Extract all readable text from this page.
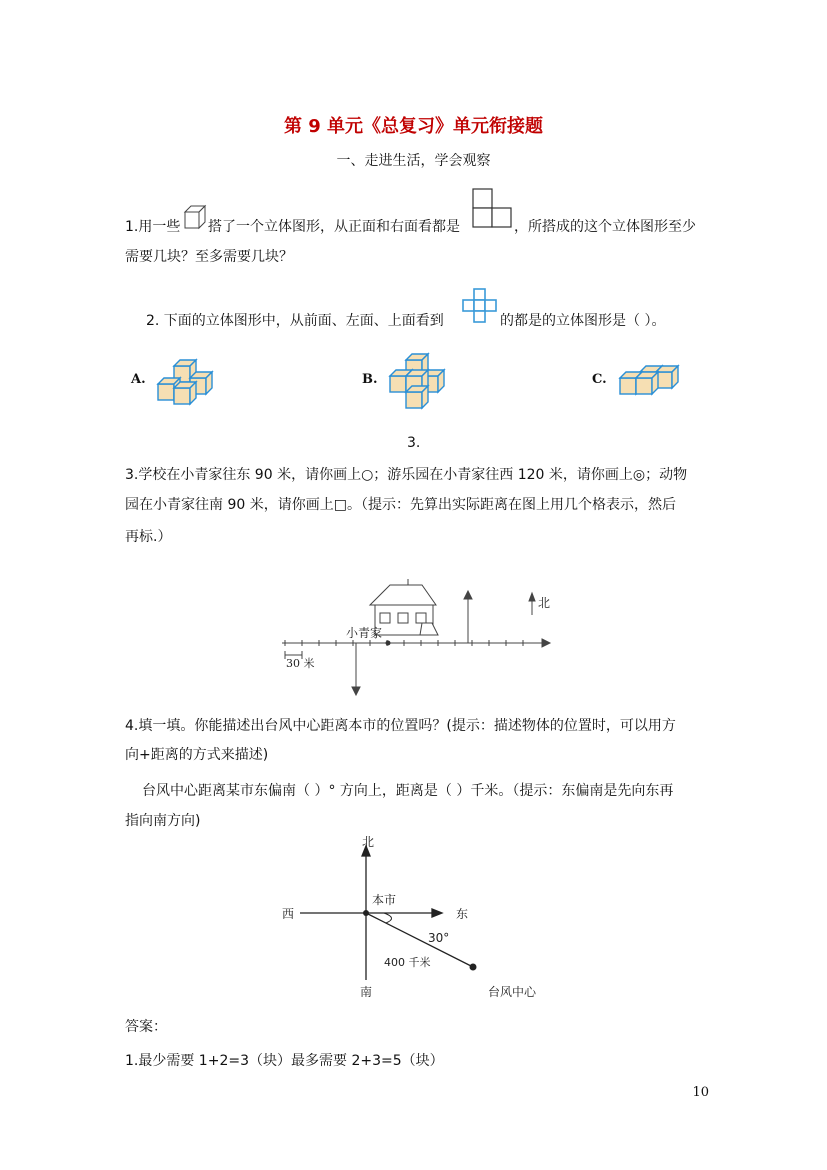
第 9 单元《总复习》单元衔接题
一、走进生活，学会观察
1.用一些 搭了一个立体图形，从正面和右面看都是	，所搭成的这个立体图形至少
需要几块？至多需要几块？
2. 下面的立体图形中，从前面、左面、上面看到	的都是的立体图形是（ ）。
A.	B.	C.
3.
3.学校在小青家往东 90 米，请你画上○；游乐园在小青家往西 120 米，请你画上◎；动物
园在小青家往南 90 米，请你画上□。（提示：先算出实际距离在图上用几个格表示，然后
再标.）
北
小青家
30 米
4.填一填。你能描述出台风中心距离本市的位置吗？(提示：描述物体的位置时，可以用方
向+距离的方式来描述)
台风中心距离某市东偏南（ ）° 方向上，距离是（ ）千米。（提示：东偏南是先向东再
指向南方向)
北
南
西	东
本市
30°
400 千米
台风中心
答案：
1.最少需要 1+2=3（块）最多需要 2+3=5（块）
10
